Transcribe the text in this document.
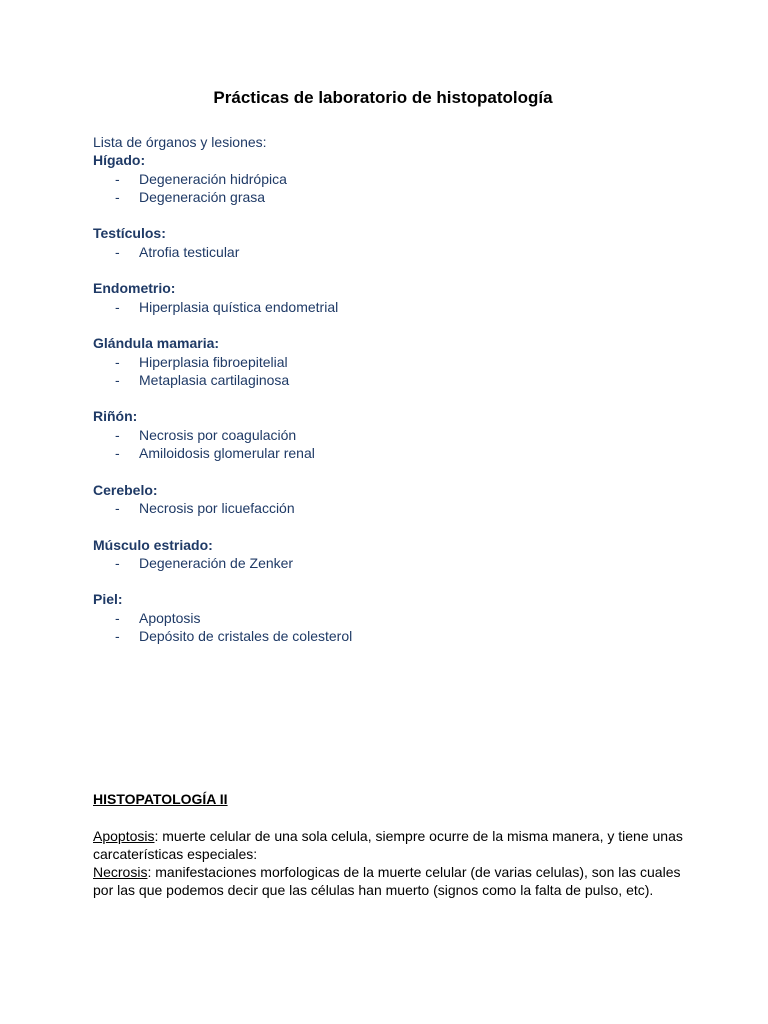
Prácticas de laboratorio de histopatología

Lista de órganos y lesiones:

Hígado:

- Degeneración hidrópica
- Degeneración grasa

Testículos:

- Atrofia testicular

Endometrio:

- Hiperplasia quística endometrial

Glándula mamaria:

- Hiperplasia fibroepitelial
- Metaplasia cartilaginosa

Riñón:

- Necrosis por coagulación
- Amiloidosis glomerular renal

Cerebelo:

- Necrosis por licuefacción

Músculo estriado:

- Degeneración de Zenker

Piel:

- Apoptosis
- Depósito de cristales de colesterol

HISTOPATOLOGÍA II

Apoptosis: muerte celular de una sola celula, siempre ocurre de la misma manera, y tiene unas carcaterísticas especiales:

Necrosis: manifestaciones morfologicas de la muerte celular (de varias celulas), son las cuales por las que podemos decir que las células han muerto (signos como la falta de pulso, etc).
